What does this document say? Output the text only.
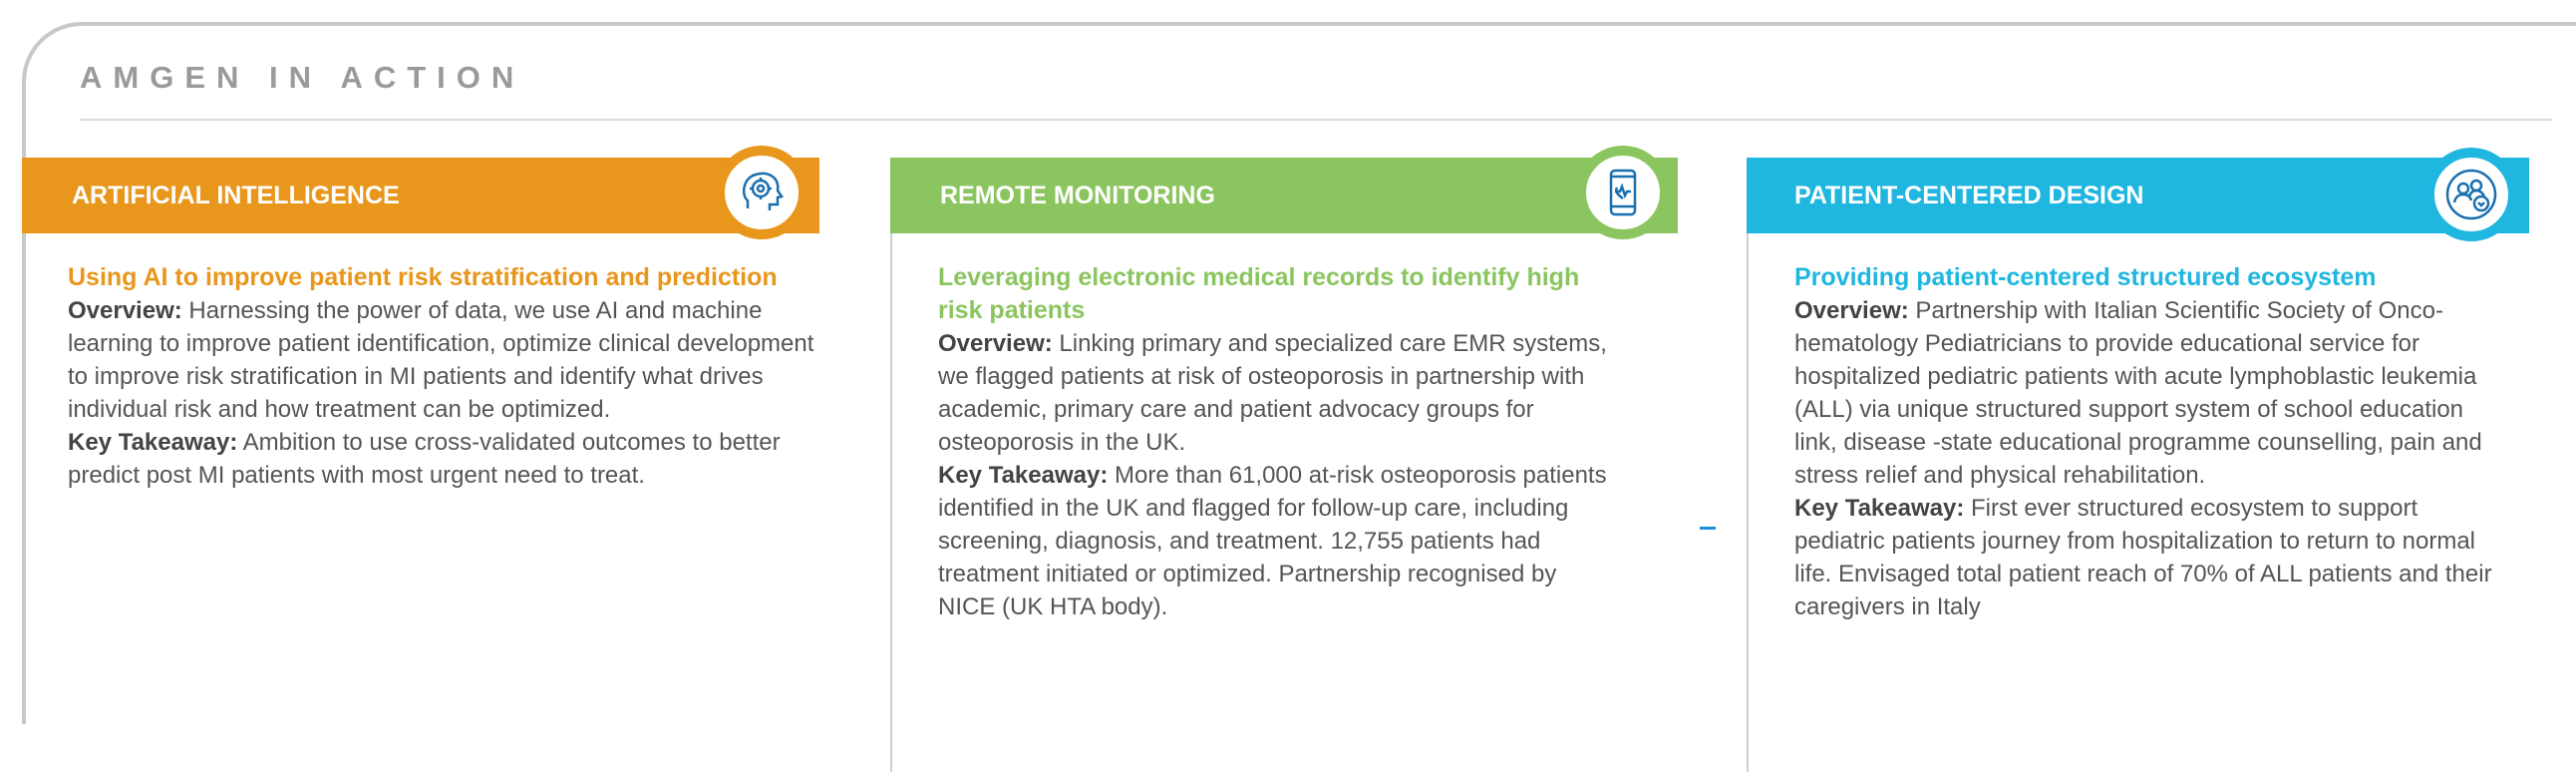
AMGEN IN ACTION
ARTIFICIAL INTELLIGENCE

Using AI to improve patient risk stratification and prediction

Overview: Harnessing the power of data, we use AI and machine learning to improve patient identification, optimize clinical development to improve risk stratification in MI patients and identify what drives individual risk and how treatment can be optimized.

Key Takeaway: Ambition to use cross-validated outcomes to better predict post MI patients with most urgent need to treat.

REMOTE MONITORING

Leveraging electronic medical records to identify high risk patients

Overview: Linking primary and specialized care EMR systems, we flagged patients at risk of osteoporosis in partnership with academic, primary care and patient advocacy groups for osteoporosis in the UK.

Key Takeaway: More than 61,000 at-risk osteoporosis patients identified in the UK and flagged for follow-up care, including screening, diagnosis, and treatment. 12,755 patients had treatment initiated or optimized. Partnership recognised by NICE (UK HTA body).

PATIENT-CENTERED DESIGN

Providing patient-centered structured ecosystem

Overview: Partnership with Italian Scientific Society of Onco-hematology Pediatricians to provide educational service for hospitalized pediatric patients with acute lymphoblastic leukemia (ALL) via unique structured support system of school education link, disease -state educational programme counselling, pain and stress relief and physical rehabilitation.

Key Takeaway: First ever structured ecosystem to support pediatric patients journey from hospitalization to return to normal life. Envisaged total patient reach of 70% of ALL patients and their caregivers in Italy
